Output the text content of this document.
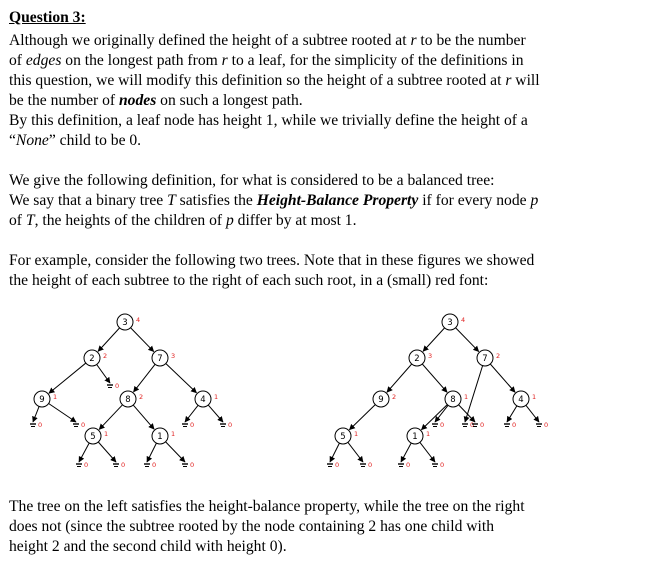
Question 3:
Although we originally defined the height of a subtree rooted at r to be the number
of edges on the longest path from r to a leaf, for the simplicity of the definitions in
this question, we will modify this definition so the height of a subtree rooted at r will
be the number of nodes on such a longest path.
By this definition, a leaf node has height 1, while we trivially define the height of a
“None” child to be 0.
We give the following definition, for what is considered to be a balanced tree:
We say that a binary tree T satisfies the Height-Balance Property if for every node p
of T, the heights of the children of p differ by at most 1.
For example, consider the following two trees. Note that in these figures we showed
the height of each subtree to the right of each such root, in a (small) red font:
The tree on the left satisfies the height-balance property, while the tree on the right
does not (since the subtree rooted by the node containing 2 has one child with
height 2 and the second child with height 0).
0
0	0	0	0
0	0	0	0
3 4
2 2	7 3
9 1	8 2	4 1
5 1	1 1
0
0	0	0	0
0	0	0	0
3 4
2 3	7 2
9 2	8 1	4 1
5 1	1 1
